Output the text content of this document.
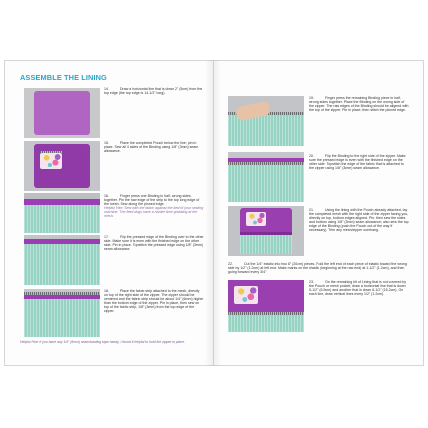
ASSEMBLE THE LINING
14.	Draw a horizontal line that is down 2" (5cm) from the top edge (the top edge is 14-1/2" long).
15.	Place the completed Pouch below the line; pin in place. Sew all 4 sides of the Binding using 1/8" (3mm) seam allowance.
16.	Finger press one Binding in half, wrong sides together. Pin the raw edge of the strip to the top long edge of the mesh. Sew along the pinned edge.
Helpful Hint: Sew with the fabric against the bed of your sewing machine. The feed dogs have a harder time grabbing at the mesh.
17.	Flip the pressed edge of the Binding over to the other side. Make sure it is even with the finished edge on the other side. Pin in place. Topstitch the pressed edge using 1/8" (3mm) seam allowance.
18.	Place the fabric strip attached to the mesh, directly on top of the right side of the zipper. The zipper should be centered and the fabric strip should be about 1/4" (6mm) higher than the bottom edge of the zipper. Pin in place, then sew on top of the fabric strip, 1/8" (3mm) from the top edge of the zipper.
Helpful Hint: If you have any 1/4" (6mm) seam/basting tape handy, I found it helpful to hold the zipper in place.
19.	Finger press the remaining Binding piece in half, wrong sides together. Place the Binding on the wrong side of the zipper. The raw edges of the Binding should be aligned with the top of the zipper. Pin in place, then stitch the pinned edge.
20.	Flip the Binding to the right side of the zipper. Make sure the pressed edge is even with the finished edge on the other side. Topstitch the edge of the fabric that is attached to the zipper using 1/8" (3mm) seam allowance.
21.	Using the lining with the Pouch already attached, lay the completed mesh with the right side of the zipper facing you, directly on top, bottom edges aligned. Pin, then sew the sides and bottom using 1/8" (3mm) seam allowance; also sew the top edge of the Binding (push the Pouch out of the way if necessary). Trim any mesh/zipper overhang.
22.	Cut the 1/4" elastic into two 8" (20cm) pieces. Fold the left end of each piece of elastic toward the wrong side by 1/2" (1.2cm) at left end. Make marks on the elastic (beginning at the raw end) at 1-1/2" (1.2cm), and then going forward every 3/4"
23.	On the remaining bit of Lining that is not covered by the Pouch or mesh pocket, draw a horizontal line that is down 5-1/2" (6.5cm) and another that is down 6-1/2" (15.2cm). On each line, draw vertical lines every 1/2" (1.2cm).
